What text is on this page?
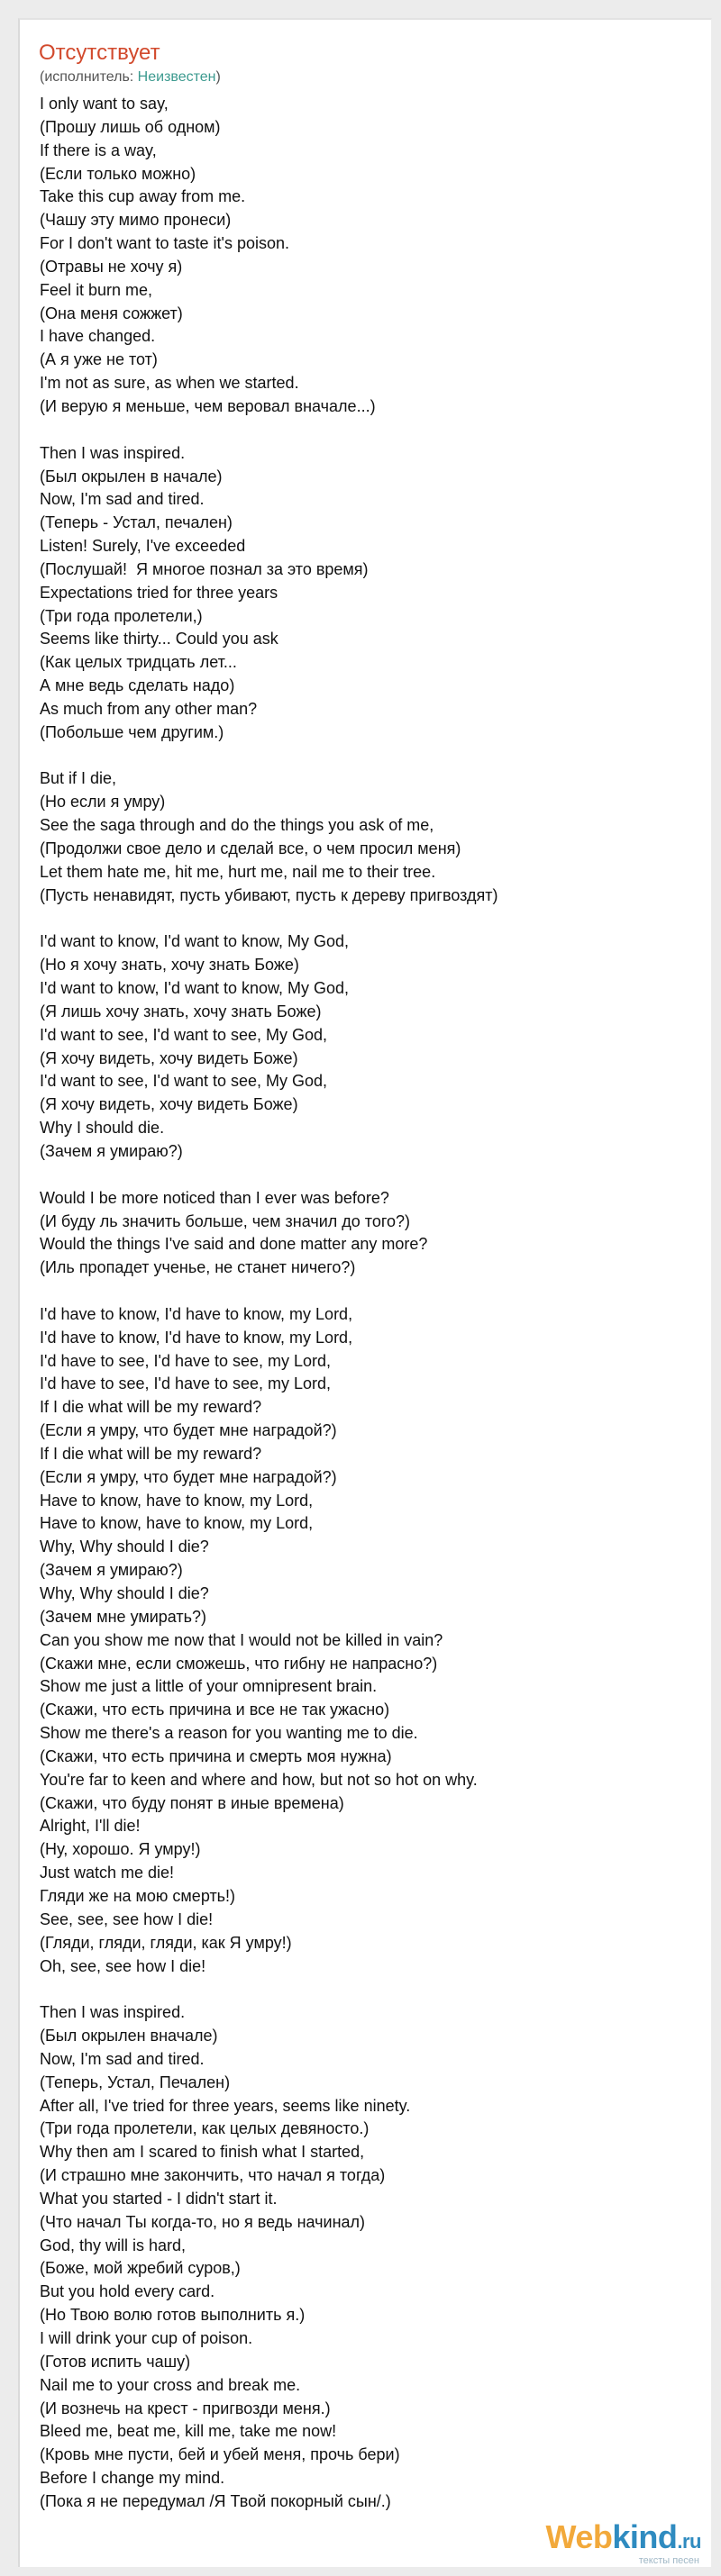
Отсутствует
(исполнитель: Неизвестен)
I only want to say,
(Прошу лишь об одном)
If there is a way,
(Если только можно)
Take this cup away from me.
(Чашу эту мимо пронеси)
For I don't want to taste it's poison.
(Отравы не хочу я)
Feel it burn me,
(Она меня сожжет)
I have changed.
(А я уже не тот)
I'm not as sure, as when we started.
(И верую я меньше, чем веровал вначале...)
Then I was inspired.
(Был окрылен в начале)
Now, I'm sad and tired.
(Теперь - Устал, печален)
Listen! Surely, I've exceeded
(Послушай!  Я многое познал за это время)
Expectations tried for three years
(Три года пролетели,)
Seems like thirty... Could you ask
(Как целых тридцать лет...
А мне ведь сделать надо)
As much from any other man?
(Побольше чем другим.)
But if I die,
(Но если я умру)
See the saga through and do the things you ask of me,
(Продолжи свое дело и сделай все, о чем просил меня)
Let them hate me, hit me, hurt me, nail me to their tree.
(Пусть ненавидят, пусть убивают, пусть к дереву пригвоздят)
I'd want to know, I'd want to know, My God,
(Но я хочу знать, хочу знать Боже)
I'd want to know, I'd want to know, My God,
(Я лишь хочу знать, хочу знать Боже)
I'd want to see, I'd want to see, My God,
(Я хочу видеть, хочу видеть Боже)
I'd want to see, I'd want to see, My God,
(Я хочу видеть, хочу видеть Боже)
Why I should die.
(Зачем я умираю?)
Would I be more noticed than I ever was before?
(И буду ль значить больше, чем значил до того?)
Would the things I've said and done matter any more?
(Иль пропадет ученье, не станет ничего?)
I'd have to know, I'd have to know, my Lord,
I'd have to know, I'd have to know, my Lord,
I'd have to see, I'd have to see, my Lord,
I'd have to see, I'd have to see, my Lord,
If I die what will be my reward?
(Если я умру, что будет мне наградой?)
If I die what will be my reward?
(Если я умру, что будет мне наградой?)
Have to know, have to know, my Lord,
Have to know, have to know, my Lord,
Why, Why should I die?
(Зачем я умираю?)
Why, Why should I die?
(Зачем мне умирать?)
Can you show me now that I would not be killed in vain?
(Скажи мне, если сможешь, что гибну не напрасно?)
Show me just a little of your omnipresent brain.
(Скажи, что есть причина и все не так ужасно)
Show me there's a reason for you wanting me to die.
(Скажи, что есть причина и смерть моя нужна)
You're far to keen and where and how, but not so hot on why.
(Скажи, что буду понят в иные времена)
Alright, I'll die!
(Ну, хорошо. Я умру!)
Just watch me die!
Гляди же на мою смерть!)
See, see, see how I die!
(Гляди, гляди, гляди, как Я умру!)
Oh, see, see how I die!
Then I was inspired.
(Был окрылен вначале)
Now, I'm sad and tired.
(Теперь, Устал, Печален)
After all, I've tried for three years, seems like ninety.
(Три года пролетели, как целых девяносто.)
Why then am I scared to finish what I started,
(И страшно мне закончить, что начал я тогда)
What you started - I didn't start it.
(Что начал Ты когда-то, но я ведь начинал)
God, thy will is hard,
(Боже, мой жребий суров,)
But you hold every card.
(Но Твою волю готов выполнить я.)
I will drink your cup of poison.
(Готов испить чашу)
Nail me to your cross and break me.
(И вознечь на крест - пригвозди меня.)
Bleed me, beat me, kill me, take me now!
(Кровь мне пусти, бей и убей меня, прочь бери)
Before I change my mind.
(Пока я не передумал /Я Твой покорный сын/.)
Webkind.ru
тексты песен
